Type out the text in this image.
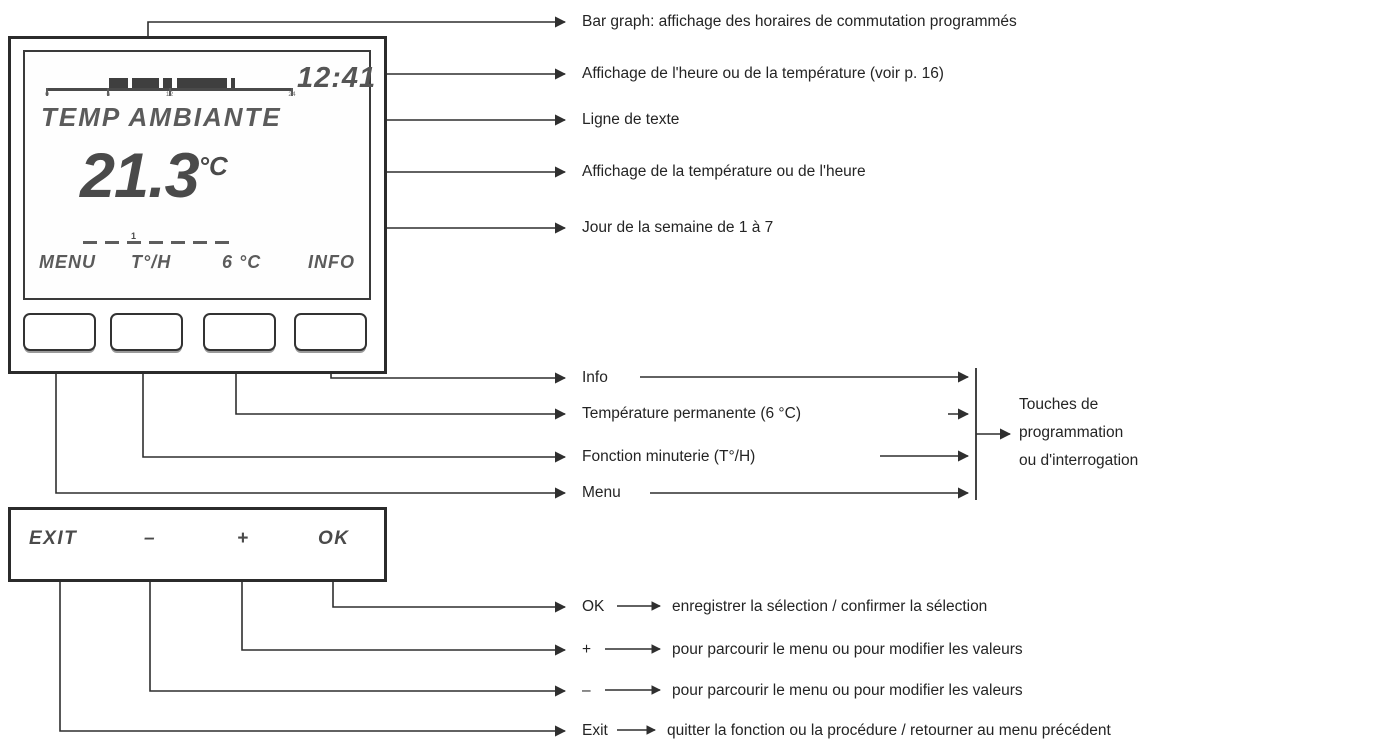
0	6	12	24
12:41
TEMP AMBIANTE
$21.3^{^\circ C}$
1
MENU T°/H	6 °C	INFO
EXIT	–	+	OK
Bar graph: affichage des horaires de commutation programmés
Affichage de l'heure ou de la température (voir p. 16)
Ligne de texte
Affichage de la température ou de l'heure
Jour de la semaine de 1 à 7
Info
Température permanente (6 °C)
Fonction minuterie (T°/H)
Menu
Touches de
programmation
ou d'interrogation
OK	enregistrer la sélection / confirmer la sélection
+	pour parcourir le menu ou pour modifier les valeurs
–	pour parcourir le menu ou pour modifier les valeurs
Exit	quitter la fonction ou la procédure / retourner au menu précédent
